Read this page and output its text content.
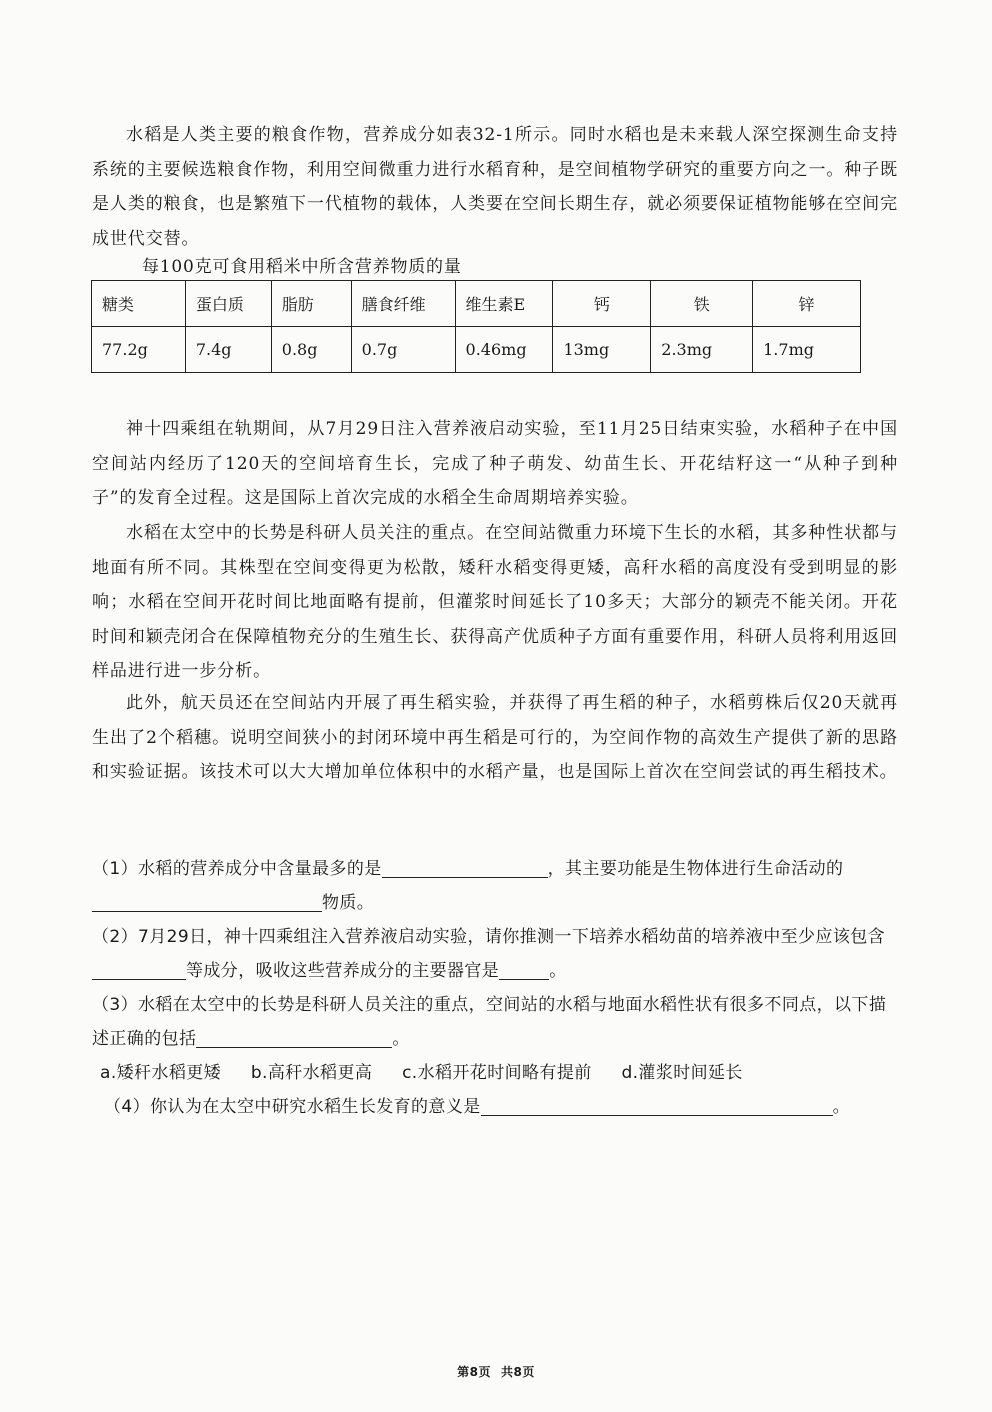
水稻是人类主要的粮食作物，营养成分如表32-1所示。同时水稻也是未来载人深空探测生命支持系统的主要候选粮食作物，利用空间微重力进行水稻育种，是空间植物学研究的重要方向之一。种子既是人类的粮食，也是繁殖下一代植物的载体，人类要在空间长期生存，就必须要保证植物能够在空间完成世代交替。

每100克可食用稻米中所含营养物质的量
糖类	蛋白质	脂肪	膳食纤维	维生素E	钙	铁	锌
77.2g	7.4g	0.8g	0.7g	0.46mg	13mg	2.3mg	1.7mg

神十四乘组在轨期间，从7月29日注入营养液启动实验，至11月25日结束实验，水稻种子在中国空间站内经历了120天的空间培育生长，完成了种子萌发、幼苗生长、开花结籽这一“从种子到种子”的发育全过程。这是国际上首次完成的水稻全生命周期培养实验。

水稻在太空中的长势是科研人员关注的重点。在空间站微重力环境下生长的水稻，其多种性状都与地面有所不同。其株型在空间变得更为松散，矮秆水稻变得更矮，高秆水稻的高度没有受到明显的影响；水稻在空间开花时间比地面略有提前，但灌浆时间延长了10多天；大部分的颖壳不能关闭。开花时间和颖壳闭合在保障植物充分的生殖生长、获得高产优质种子方面有重要作用，科研人员将利用返回样品进行进一步分析。

此外，航天员还在空间站内开展了再生稻实验，并获得了再生稻的种子，水稻剪株后仅20天就再生出了2个稻穗。说明空间狭小的封闭环境中再生稻是可行的，为空间作物的高效生产提供了新的思路和实验证据。该技术可以大大增加单位体积中的水稻产量，也是国际上首次在空间尝试的再生稻技术。

（1）水稻的营养成分中含量最多的是	，其主要功能是生物体进行生命活动的物质。
（2）7月29日，神十四乘组注入营养液启动实验，请你推测一下培养水稻幼苗的培养液中至少应该包含等成分，吸收这些营养成分的主要器官是	。
（3）水稻在太空中的长势是科研人员关注的重点，空间站的水稻与地面水稻性状有很多不同点，以下描述正确的包括	。
a.矮秆水稻更矮 b.高秆水稻更高 c.水稻开花时间略有提前 d.灌浆时间延长
（4）你认为在太空中研究水稻生长发育的意义是	。
第8页 共8页
